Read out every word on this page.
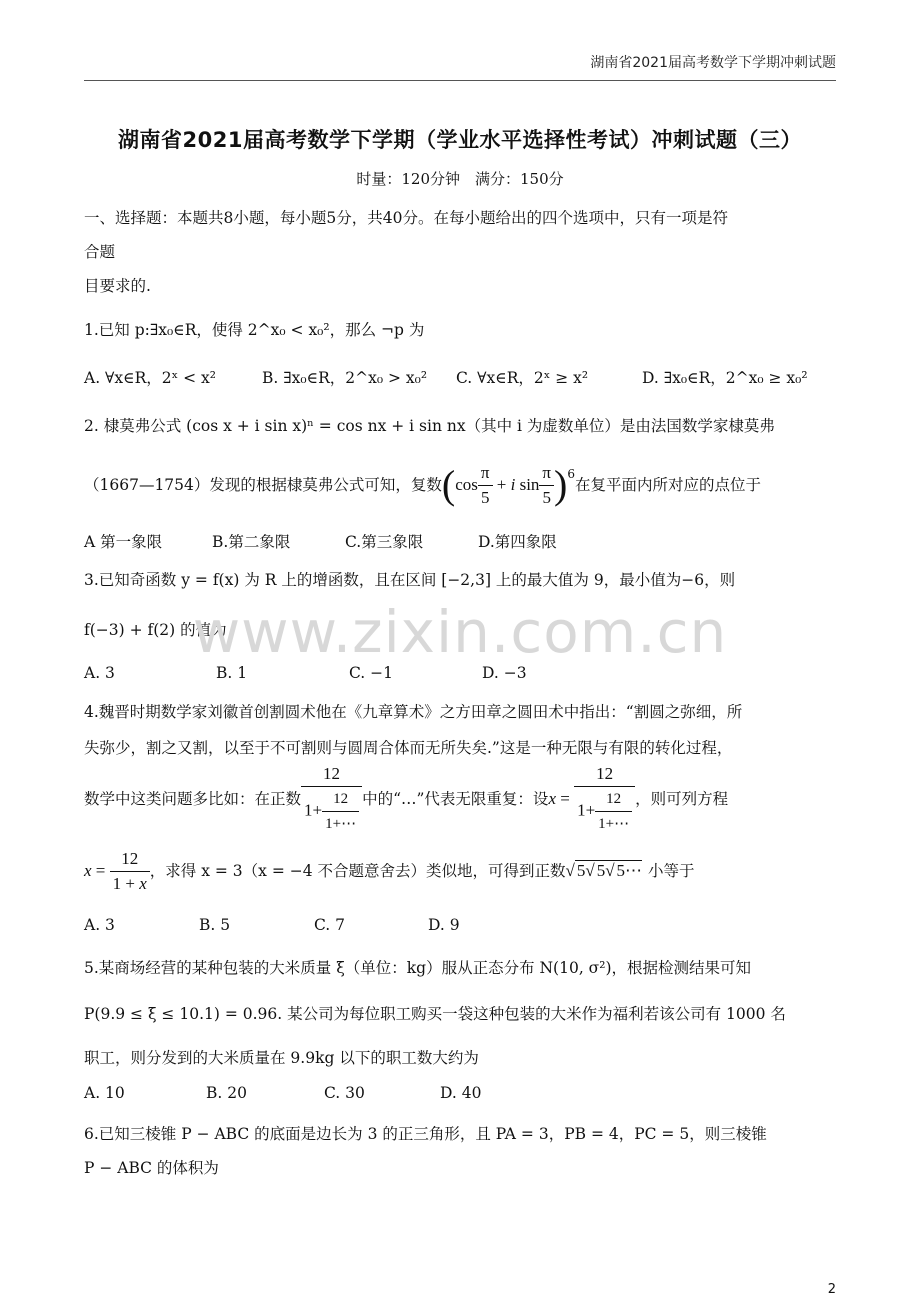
湖南省2021届高考数学下学期冲刺试题
湖南省2021届高考数学下学期（学业水平选择性考试）冲刺试题（三）
时量：120分钟　满分：150分
一、选择题：本题共8小题，每小题5分，共40分。在每小题给出的四个选项中，只有一项是符
合题
目要求的.
1.已知 p:∃x₀∈R，使得 2^x₀ < x₀²，那么 ¬p 为
A. ∀x∈R，2ˣ < x²	B. ∃x₀∈R，2^x₀ > x₀² C. ∀x∈R，2ˣ ≥ x²	D. ∃x₀∈R，2^x₀ ≥ x₀²
2. 棣莫弗公式 (cos x + i sin x)ⁿ = cos nx + i sin nx（其中 i 为虚数单位）是由法国数学家棣莫弗
（1667—1754）发现的根据棣莫弗公式可知，复数 ( $\cos \frac{\pi}{5} + i$ $\sin \frac{\pi}{5} )^6$
在复平面内所对应的点位于
A 第一象限	B.第二象限	C.第三象限	D.第四象限
3.已知奇函数 y = f(x) 为 R 上的增函数，且在区间 [−2,3] 上的最大值为 9，最小值为−6，则
f(−3) + f(2) 的值为
www.zixin.com.cn
A. 3	B. 1	C. −1	D. −3
4.魏晋时期数学家刘徽首创割圆术他在《九章算术》之方田章之圆田术中指出：“割圆之弥细，所
失弥少，割之又割，以至于不可割则与圆周合体而无所失矣.”这是一种无限与有限的转化过程，
数学中这类问题多比如：在正数 $\frac{12}{1+ \frac{12}{1+\cdots}}$ 中的“…”代表无限重复：设 $x = \frac{12}{1+ \frac{12}{1+\cdots}}$ ，则可列方程
$x = \frac{12}{1 + x}$ ，求得 x = 3（x = −4 不合题意舍去）类似地，可得到正数 √ 5√ 5√ 5⋯ 小等于
A. 3	B. 5	C. 7	D. 9
5.某商场经营的某种包装的大米质量 ξ（单位：kg）服从正态分布 N(10, σ²)，根据检测结果可知
P(9.9 ≤ ξ ≤ 10.1) = 0.96. 某公司为每位职工购买一袋这种包装的大米作为福利若该公司有 1000 名
职工，则分发到的大米质量在 9.9kg 以下的职工数大约为
A. 10	B. 20	C. 30	D. 40
6.已知三棱锥 P − ABC 的底面是边长为 3 的正三角形，且 PA = 3，PB = 4，PC = 5，则三棱锥
P − ABC 的体积为
2
